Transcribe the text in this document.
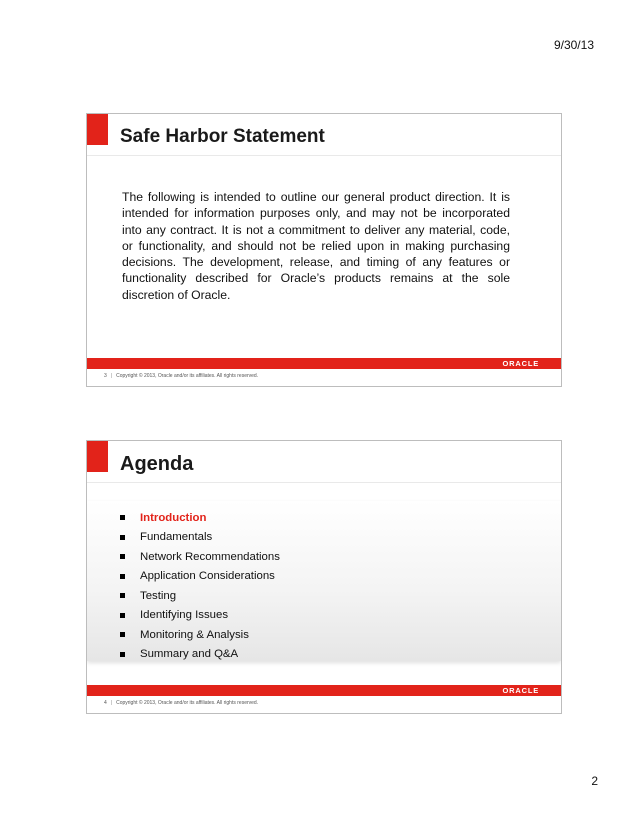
9/30/13
Safe Harbor Statement
The following is intended to outline our general product direction. It is intended for information purposes only, and may not be incorporated into any contract. It is not a commitment to deliver any material, code, or functionality, and should not be relied upon in making purchasing decisions. The development, release, and timing of any features or functionality described for Oracle’s products remains at the sole discretion of Oracle.
ORACLE
3 | Copyright © 2013, Oracle and/or its affiliates. All rights reserved.
Agenda
Introduction
Fundamentals
Network Recommendations
Application Considerations
Testing
Identifying Issues
Monitoring & Analysis
Summary and Q&A
ORACLE
4 | Copyright © 2013, Oracle and/or its affiliates. All rights reserved.
2
